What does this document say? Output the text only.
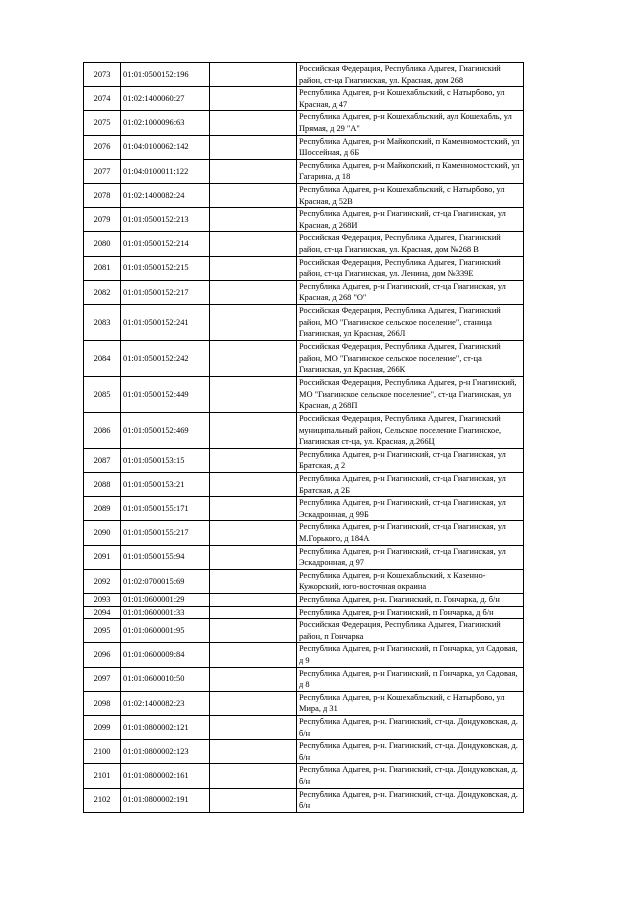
2073	01:01:0500152:196		Российская Федерация, Республика Адыгея, Гиагинский район, ст-ца Гиагинская, ул. Красная, дом 268
2074	01:02:1400060:27		Республика Адыгея, р-н Кошехабльский, с Натырбово, ул Красная, д 47
2075	01:02:1000096:63		Республика Адыгея, р-н Кошехабльский, аул Кошехабль, ул Прямая, д 29 "А"
2076	01:04:0100062:142		Республика Адыгея, р-н Майкопский, п Каменномостский, ул Шоссейная, д 6Б
2077	01:04:0100011:122		Республика Адыгея, р-н Майкопский, п Каменномостский, ул Гагарина, д 18
2078	01:02:1400082:24		Республика Адыгея, р-н Кошехабльский, с Натырбово, ул Красная, д 52В
2079	01:01:0500152:213		Республика Адыгея, р-н Гиагинский, ст-ца Гиагинская, ул Красная, д 268И
2080	01:01:0500152:214		Российская Федерация, Республика Адыгея, Гиагинский район, ст-ца Гиагинская, ул. Красная, дом №268 В
2081	01:01:0500152:215		Российская Федерация, Республика Адыгея, Гиагинский район, ст-ца Гиагинская, ул. Ленина, дом №339Е
2082	01:01:0500152:217		Республика Адыгея, р-н Гиагинский, ст-ца Гиагинская, ул Красная, д 268 "О"
2083	01:01:0500152:241		Российская Федерация, Республика Адыгея, Гиагинский район, МО "Гиагинское сельское поселение", станица Гиагинская, ул Красная, 266Л
2084	01:01:0500152:242		Российская Федерация, Республика Адыгея, Гиагинский район, МО "Гиагинское сельское поселение", ст-ца Гиагинская, ул Красная, 266К
2085	01:01:0500152:449		Российская Федерация, Республика Адыгея, р-н Гиагинский, МО "Гиагинское сельское поселение", ст-ца Гиагинская, ул Красная, д 268П
2086	01:01:0500152:469		Российская Федерация, Республика Адыгея, Гиагинский муниципальный район, Сельское поселение Гиагинское, Гиагинская ст-ца, ул. Красная, д.266Ц
2087	01:01:0500153:15		Республика Адыгея, р-н Гиагинский, ст-ца Гиагинская, ул Братская, д 2
2088	01:01:0500153:21		Республика Адыгея, р-н Гиагинский, ст-ца Гиагинская, ул Братская, д 2Б
2089	01:01:0500155:171		Республика Адыгея, р-н Гиагинский, ст-ца Гиагинская, ул Эскадронная, д 99Б
2090	01:01:0500155:217		Республика Адыгея, р-н Гиагинский, ст-ца Гиагинская, ул М.Горького, д 184А
2091	01:01:0500155:94		Республика Адыгея, р-н Гиагинский, ст-ца Гиагинская, ул Эскадронная, д 97
2092	01:02:0700015:69		Республика Адыгея, р-н Кошехабльский, х Казенно-Кужорский, юго-восточная окраина
2093	01:01:0600001:29		Республика Адыгея, р-н. Гиагинский, п. Гончарка, д. б/н
2094	01:01:0600001:33		Республика Адыгея, р-н Гиагинский, п Гончарка, д б/н
2095	01:01:0600001:95		Российская Федерация, Республика Адыгея, Гиагинский район, п Гончарка
2096	01:01:0600009:84		Республика Адыгея, р-н Гиагинский, п Гончарка, ул Садовая, д 9
2097	01:01:0600010:50		Республика Адыгея, р-н Гиагинский, п Гончарка, ул Садовая, д 8
2098	01:02:1400082:23		Республика Адыгея, р-н Кошехабльский, с Натырбово, ул Мира, д 31
2099	01:01:0800002:121		Республика Адыгея, р-н. Гиагинский, ст-ца. Дондуковская, д. б/н
2100	01:01:0800002:123		Республика Адыгея, р-н. Гиагинский, ст-ца. Дондуковская, д. б/н
2101	01:01:0800002:161		Республика Адыгея, р-н. Гиагинский, ст-ца. Дондуковская, д. б/н
2102	01:01:0800002:191		Республика Адыгея, р-н. Гиагинский, ст-ца. Дондуковская, д. б/н
